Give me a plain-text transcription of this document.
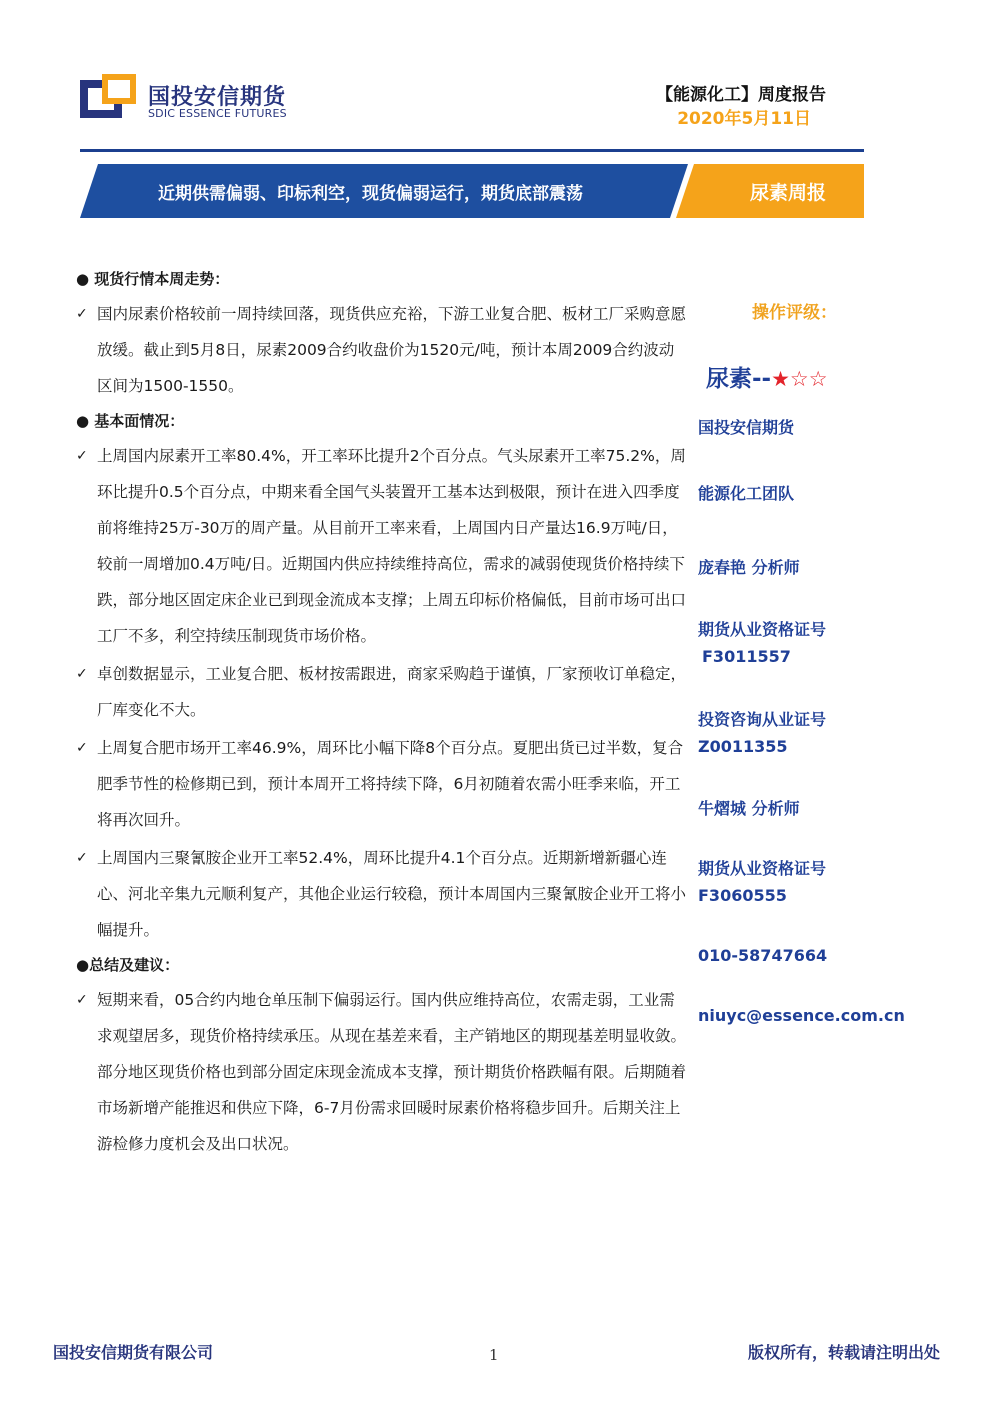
国投安信期货
SDIC ESSENCE FUTURES
【能源化工】周度报告
2020年5月11日
近期供需偏弱、印标利空，现货偏弱运行，期货底部震荡	尿素周报

● 现货行情本周走势：

✓ 国内尿素价格较前一周持续回落，现货供应充裕，下游工业复合肥、板材工厂采购意愿放缓。截止到5月8日，尿素2009合约收盘价为1520元/吨，预计本周2009合约波动区间为1500-1550。

● 基本面情况：

✓ 上周国内尿素开工率80.4%，开工率环比提升2个百分点。气头尿素开工率75.2%，周环比提升0.5个百分点，中期来看全国气头装置开工基本达到极限，预计在进入四季度前将维持25万-30万的周产量。从目前开工率来看，上周国内日产量达16.9万吨/日，较前一周增加0.4万吨/日。近期国内供应持续维持高位，需求的减弱使现货价格持续下跌，部分地区固定床企业已到现金流成本支撑；上周五印标价格偏低，目前市场可出口工厂不多，利空持续压制现货市场价格。
✓ 卓创数据显示，工业复合肥、板材按需跟进，商家采购趋于谨慎，厂家预收订单稳定，厂库变化不大。
✓ 上周复合肥市场开工率46.9%，周环比小幅下降8个百分点。夏肥出货已过半数，复合肥季节性的检修期已到，预计本周开工将持续下降，6月初随着农需小旺季来临，开工将再次回升。
✓ 上周国内三聚氰胺企业开工率52.4%，周环比提升4.1个百分点。近期新增新疆心连心、河北辛集九元顺利复产，其他企业运行较稳，预计本周国内三聚氰胺企业开工将小幅提升。

●总结及建议：

✓ 短期来看，05合约内地仓单压制下偏弱运行。国内供应维持高位，农需走弱，工业需求观望居多，现货价格持续承压。从现在基差来看，主产销地区的期现基差明显收敛。部分地区现货价格也到部分固定床现金流成本支撑，预计期货价格跌幅有限。后期随着市场新增产能推迟和供应下降，6-7月份需求回暖时尿素价格将稳步回升。后期关注上游检修力度机会及出口状况。
操作评级：
尿素--★☆☆
国投安信期货
能源化工团队
庞春艳 分析师
期货从业资格证号
F3011557
投资咨询从业证号
Z0011355
牛熠城 分析师
期货从业资格证号
F3060555
010-58747664
niuyc@essence.com.cn
国投安信期货有限公司	1	版权所有，转载请注明出处
